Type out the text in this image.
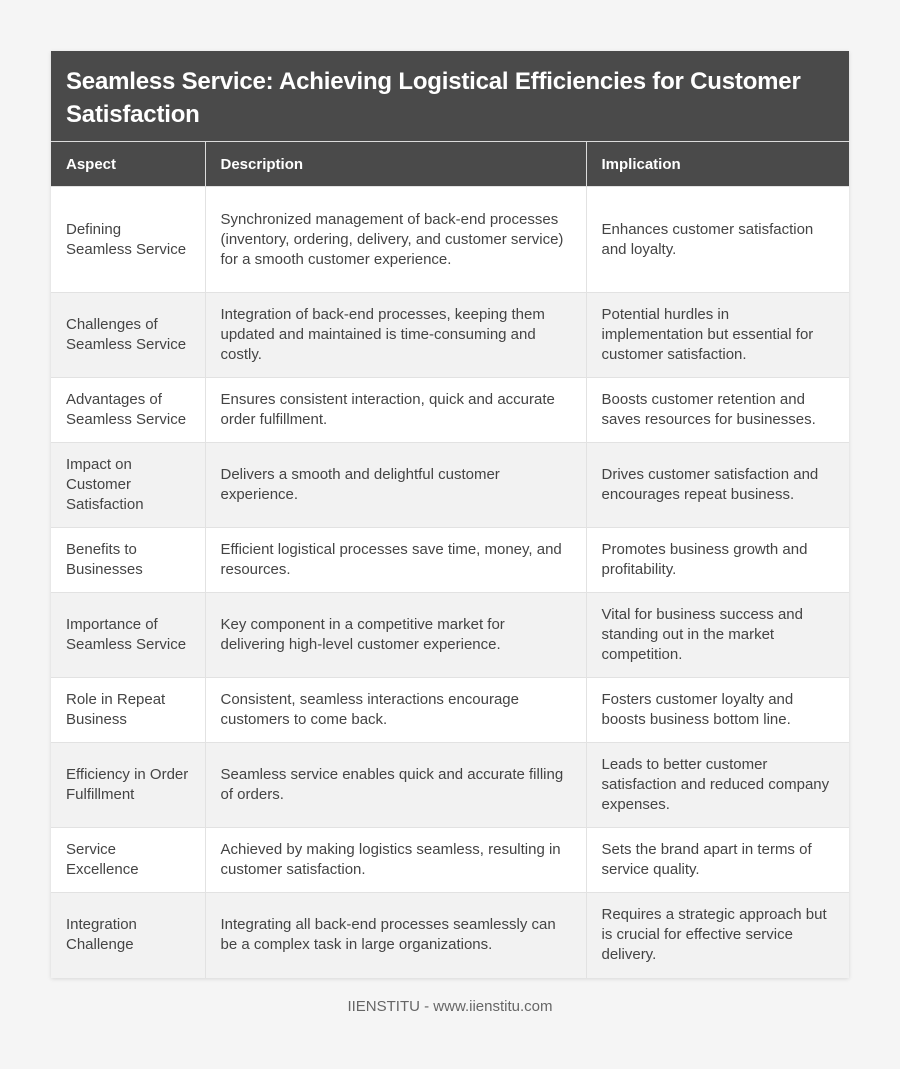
Seamless Service: Achieving Logistical Efficiencies for Customer Satisfaction
Aspect	Description	Implication
Defining Seamless Service	Synchronized management of back-end processes (inventory, ordering, delivery, and customer service) for a smooth customer experience.	Enhances customer satisfaction and loyalty.
Challenges of Seamless Service	Integration of back-end processes, keeping them updated and maintained is time-consuming and costly.	Potential hurdles in implementation but essential for customer satisfaction.
Advantages of Seamless Service	Ensures consistent interaction, quick and accurate order fulfillment.	Boosts customer retention and saves resources for businesses.
Impact on Customer Satisfaction	Delivers a smooth and delightful customer experience.	Drives customer satisfaction and encourages repeat business.
Benefits to Businesses	Efficient logistical processes save time, money, and resources.	Promotes business growth and profitability.
Importance of Seamless Service	Key component in a competitive market for delivering high-level customer experience.	Vital for business success and standing out in the market competition.
Role in Repeat Business	Consistent, seamless interactions encourage customers to come back.	Fosters customer loyalty and boosts business bottom line.
Efficiency in Order Fulfillment	Seamless service enables quick and accurate filling of orders.	Leads to better customer satisfaction and reduced company expenses.
Service Excellence	Achieved by making logistics seamless, resulting in customer satisfaction.	Sets the brand apart in terms of service quality.
Integration Challenge	Integrating all back-end processes seamlessly can be a complex task in large organizations.	Requires a strategic approach but is crucial for effective service delivery.
IIENSTITU - www.iienstitu.com
